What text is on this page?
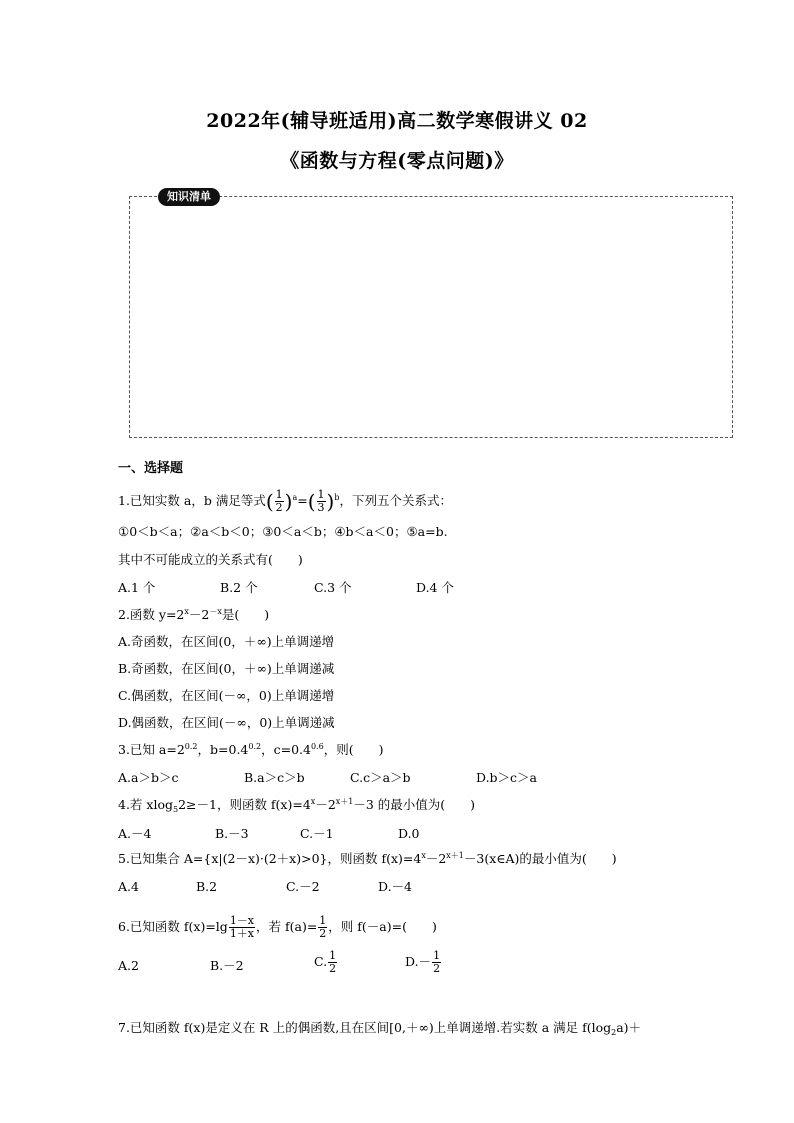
2022年(辅导班适用)高二数学寒假讲义 02
《函数与方程(零点问题)》
知识清单
一、选择题
1.已知实数 a，b 满足等式( $\frac{1}{2} )^a=( \frac{1}{3} )^b$，下列五个关系式：
①0＜b＜a；②a＜b＜0；③0＜a＜b；④b＜a＜0；⑤a=b.
其中不可能成立的关系式有(　　)
A.1 个	B.2 个	C.3 个	D.4 个
2.函数 $y=2^x-2^{-x}$是(　　)
A.奇函数，在区间(0，＋∞)上单调递增
B.奇函数，在区间(0，＋∞)上单调递减
C.偶函数，在区间(－∞，0)上单调递增
D.偶函数，在区间(－∞，0)上单调递减
3.已知 $a=2^{0.2}$，$b=0.4^{0.2}$，$c=0.4^{0.6}$，则(　　)
A.a＞b＞c	B.a＞c＞b	C.c＞a＞b	D.b＞c＞a
4.若 xlog$_5$2≥－1，则函数 $f(x)=4^x-2^{x+1}-3$ 的最小值为(　　)
A.－4	B.－3	C.－1	D.0
5.已知集合 A={x|(2－x)·(2＋x)>0}，则函数 $f(x)=4^x-2^{x+1}-3(x\in A)$的最小值为(　　)
A.4	B.2	C.－2	D.－4
6.已知函数 $f(x)=\lg \frac{1-x}{1+x}$ ，若 $f(a)= \frac{1}{2}$ ，则 f(－a)=(　　)
A.2	B.－2	C. $\frac{1}{2}$	$D.- \frac{1}{2}$
7.已知函数 f(x)是定义在 R 上的偶函数,且在区间[0,＋∞)上单调递增.若实数 a 满足 $f(\log_2a)+$
